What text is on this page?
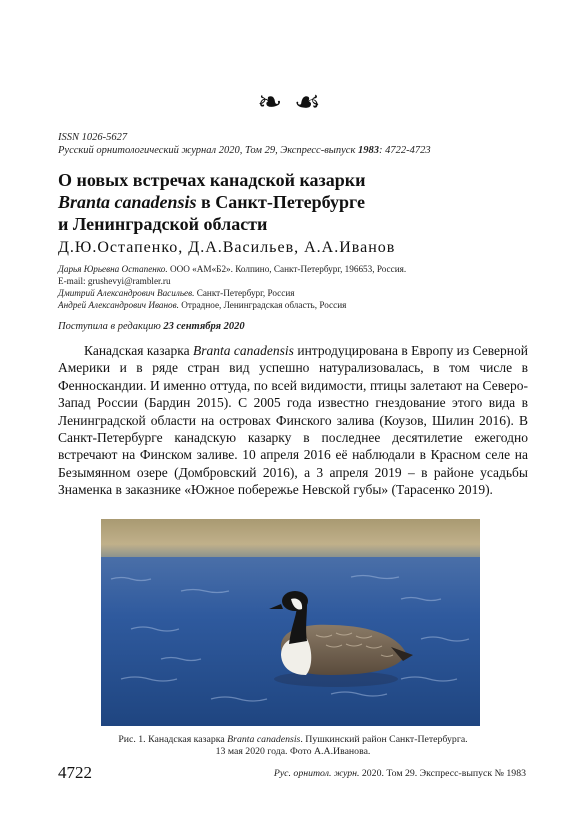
❧ ☙
ISSN 1026-5627
Русский орнитологический журнал 2020, Том 29, Экспресс-выпуск 1983: 4722-4723
О новых встречах канадской казарки
Branta canadensis в Санкт-Петербурге
и Ленинградской области
Д.Ю.Остапенко, Д.А.Васильев, А.А.Иванов
Дарья Юрьевна Остапенко. ООО «АМ«Б2». Колпино, Санкт-Петербург, 196653, Россия.
E-mail: grushevyi@rambler.ru
Дмитрий Александрович Васильев. Санкт-Петербург, Россия
Андрей Александрович Иванов. Отрадное, Ленинградская область, Россия
Поступила в редакцию 23 сентября 2020

Канадская казарка Branta canadensis интродуцирована в Европу из Северной Америки и в ряде стран вид успешно натурализовалась, в том числе в Фенноскандии. И именно оттуда, по всей видимости, птицы залетают на Северо-Запад России (Бардин 2015). С 2005 года известно гнездование этого вида в Ленинградской области на островах Финского залива (Коузов, Шилин 2016). В Санкт-Петербурге канадскую казарку в последнее десятилетие ежегодно встречают на Финском заливе. 10 апреля 2016 её наблюдали в Красном селе на Безымянном озере (Домбровский 2016), а 3 апреля 2019 – в районе усадьбы Знаменка в заказнике «Южное побережье Невской губы» (Тарасенко 2019).

Рис. 1. Канадская казарка Branta canadensis. Пушкинский район Санкт-Петербурга.
13 мая 2020 года. Фото А.А.Иванова.
4722	Рус. орнитол. журн. 2020. Том 29. Экспресс-выпуск № 1983
